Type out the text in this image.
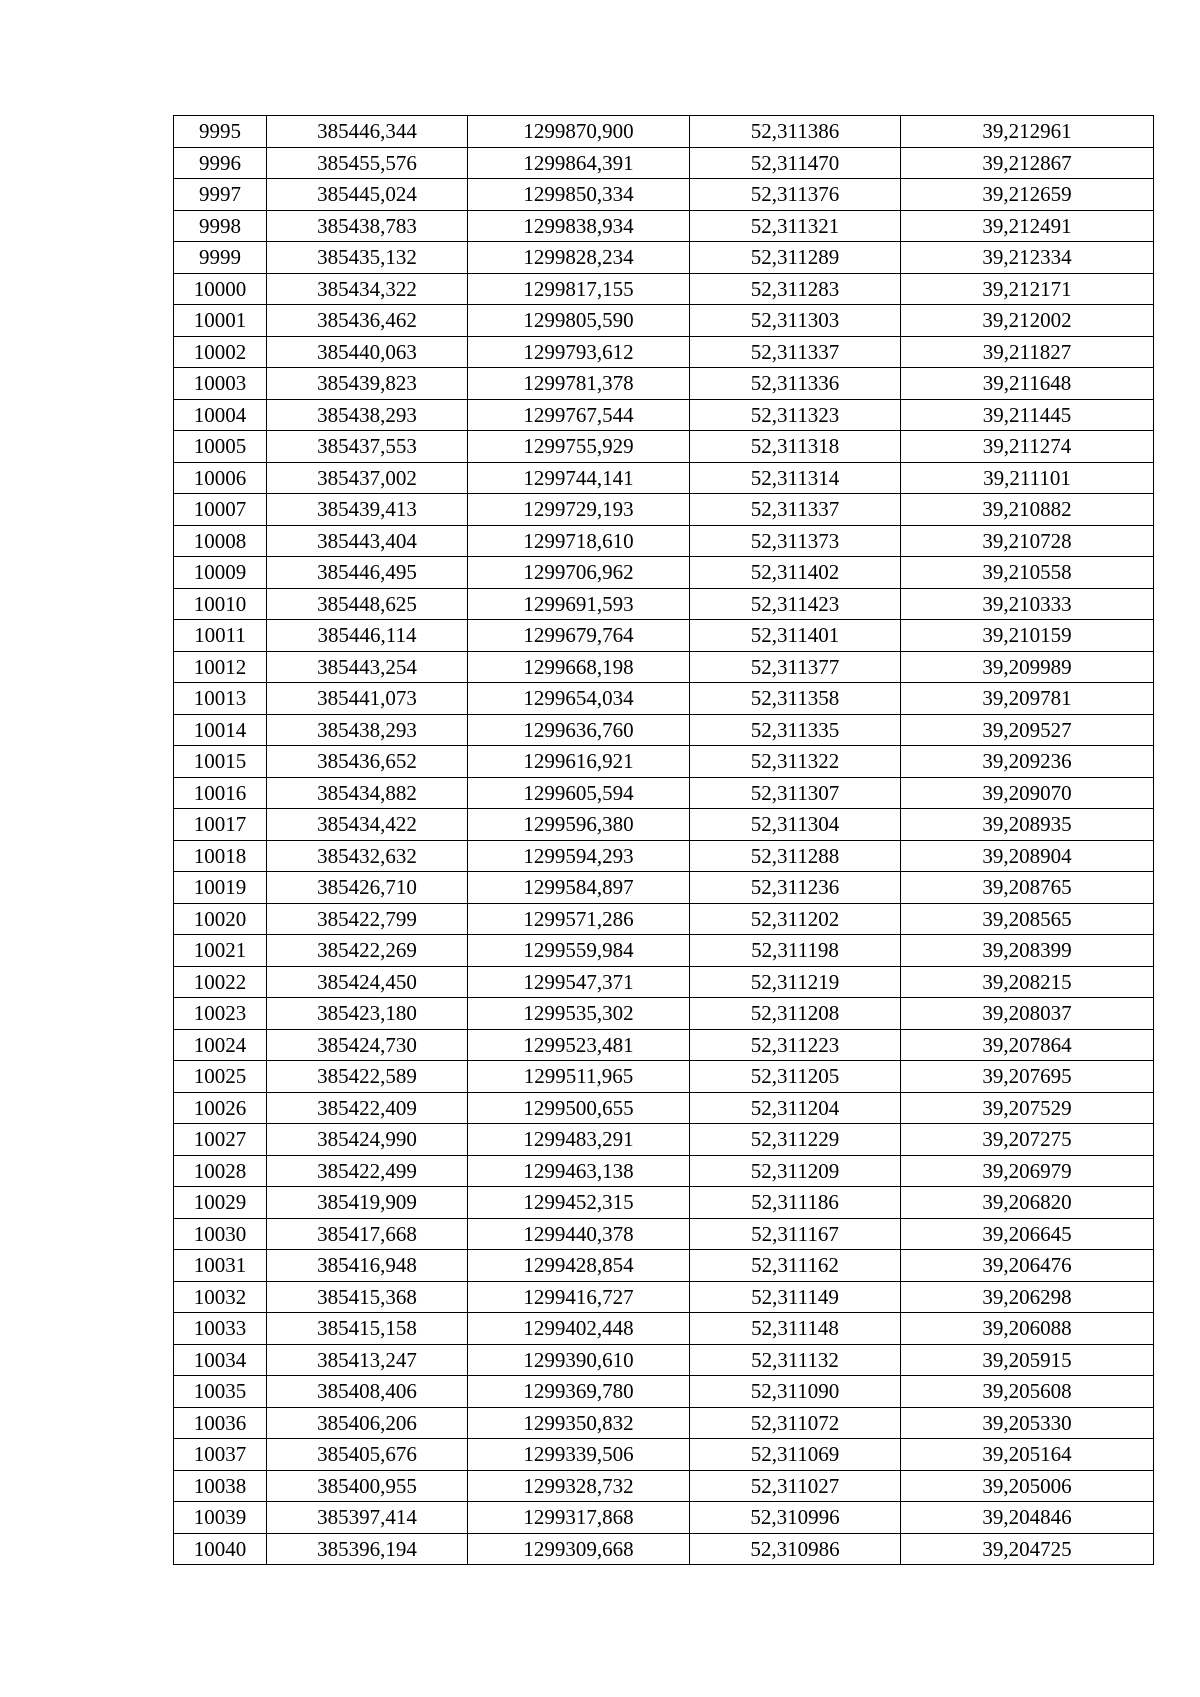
9995	385446,344	1299870,900	52,311386	39,212961
9996	385455,576	1299864,391	52,311470	39,212867
9997	385445,024	1299850,334	52,311376	39,212659
9998	385438,783	1299838,934	52,311321	39,212491
9999	385435,132	1299828,234	52,311289	39,212334
10000	385434,322	1299817,155	52,311283	39,212171
10001	385436,462	1299805,590	52,311303	39,212002
10002	385440,063	1299793,612	52,311337	39,211827
10003	385439,823	1299781,378	52,311336	39,211648
10004	385438,293	1299767,544	52,311323	39,211445
10005	385437,553	1299755,929	52,311318	39,211274
10006	385437,002	1299744,141	52,311314	39,211101
10007	385439,413	1299729,193	52,311337	39,210882
10008	385443,404	1299718,610	52,311373	39,210728
10009	385446,495	1299706,962	52,311402	39,210558
10010	385448,625	1299691,593	52,311423	39,210333
10011	385446,114	1299679,764	52,311401	39,210159
10012	385443,254	1299668,198	52,311377	39,209989
10013	385441,073	1299654,034	52,311358	39,209781
10014	385438,293	1299636,760	52,311335	39,209527
10015	385436,652	1299616,921	52,311322	39,209236
10016	385434,882	1299605,594	52,311307	39,209070
10017	385434,422	1299596,380	52,311304	39,208935
10018	385432,632	1299594,293	52,311288	39,208904
10019	385426,710	1299584,897	52,311236	39,208765
10020	385422,799	1299571,286	52,311202	39,208565
10021	385422,269	1299559,984	52,311198	39,208399
10022	385424,450	1299547,371	52,311219	39,208215
10023	385423,180	1299535,302	52,311208	39,208037
10024	385424,730	1299523,481	52,311223	39,207864
10025	385422,589	1299511,965	52,311205	39,207695
10026	385422,409	1299500,655	52,311204	39,207529
10027	385424,990	1299483,291	52,311229	39,207275
10028	385422,499	1299463,138	52,311209	39,206979
10029	385419,909	1299452,315	52,311186	39,206820
10030	385417,668	1299440,378	52,311167	39,206645
10031	385416,948	1299428,854	52,311162	39,206476
10032	385415,368	1299416,727	52,311149	39,206298
10033	385415,158	1299402,448	52,311148	39,206088
10034	385413,247	1299390,610	52,311132	39,205915
10035	385408,406	1299369,780	52,311090	39,205608
10036	385406,206	1299350,832	52,311072	39,205330
10037	385405,676	1299339,506	52,311069	39,205164
10038	385400,955	1299328,732	52,311027	39,205006
10039	385397,414	1299317,868	52,310996	39,204846
10040	385396,194	1299309,668	52,310986	39,204725
